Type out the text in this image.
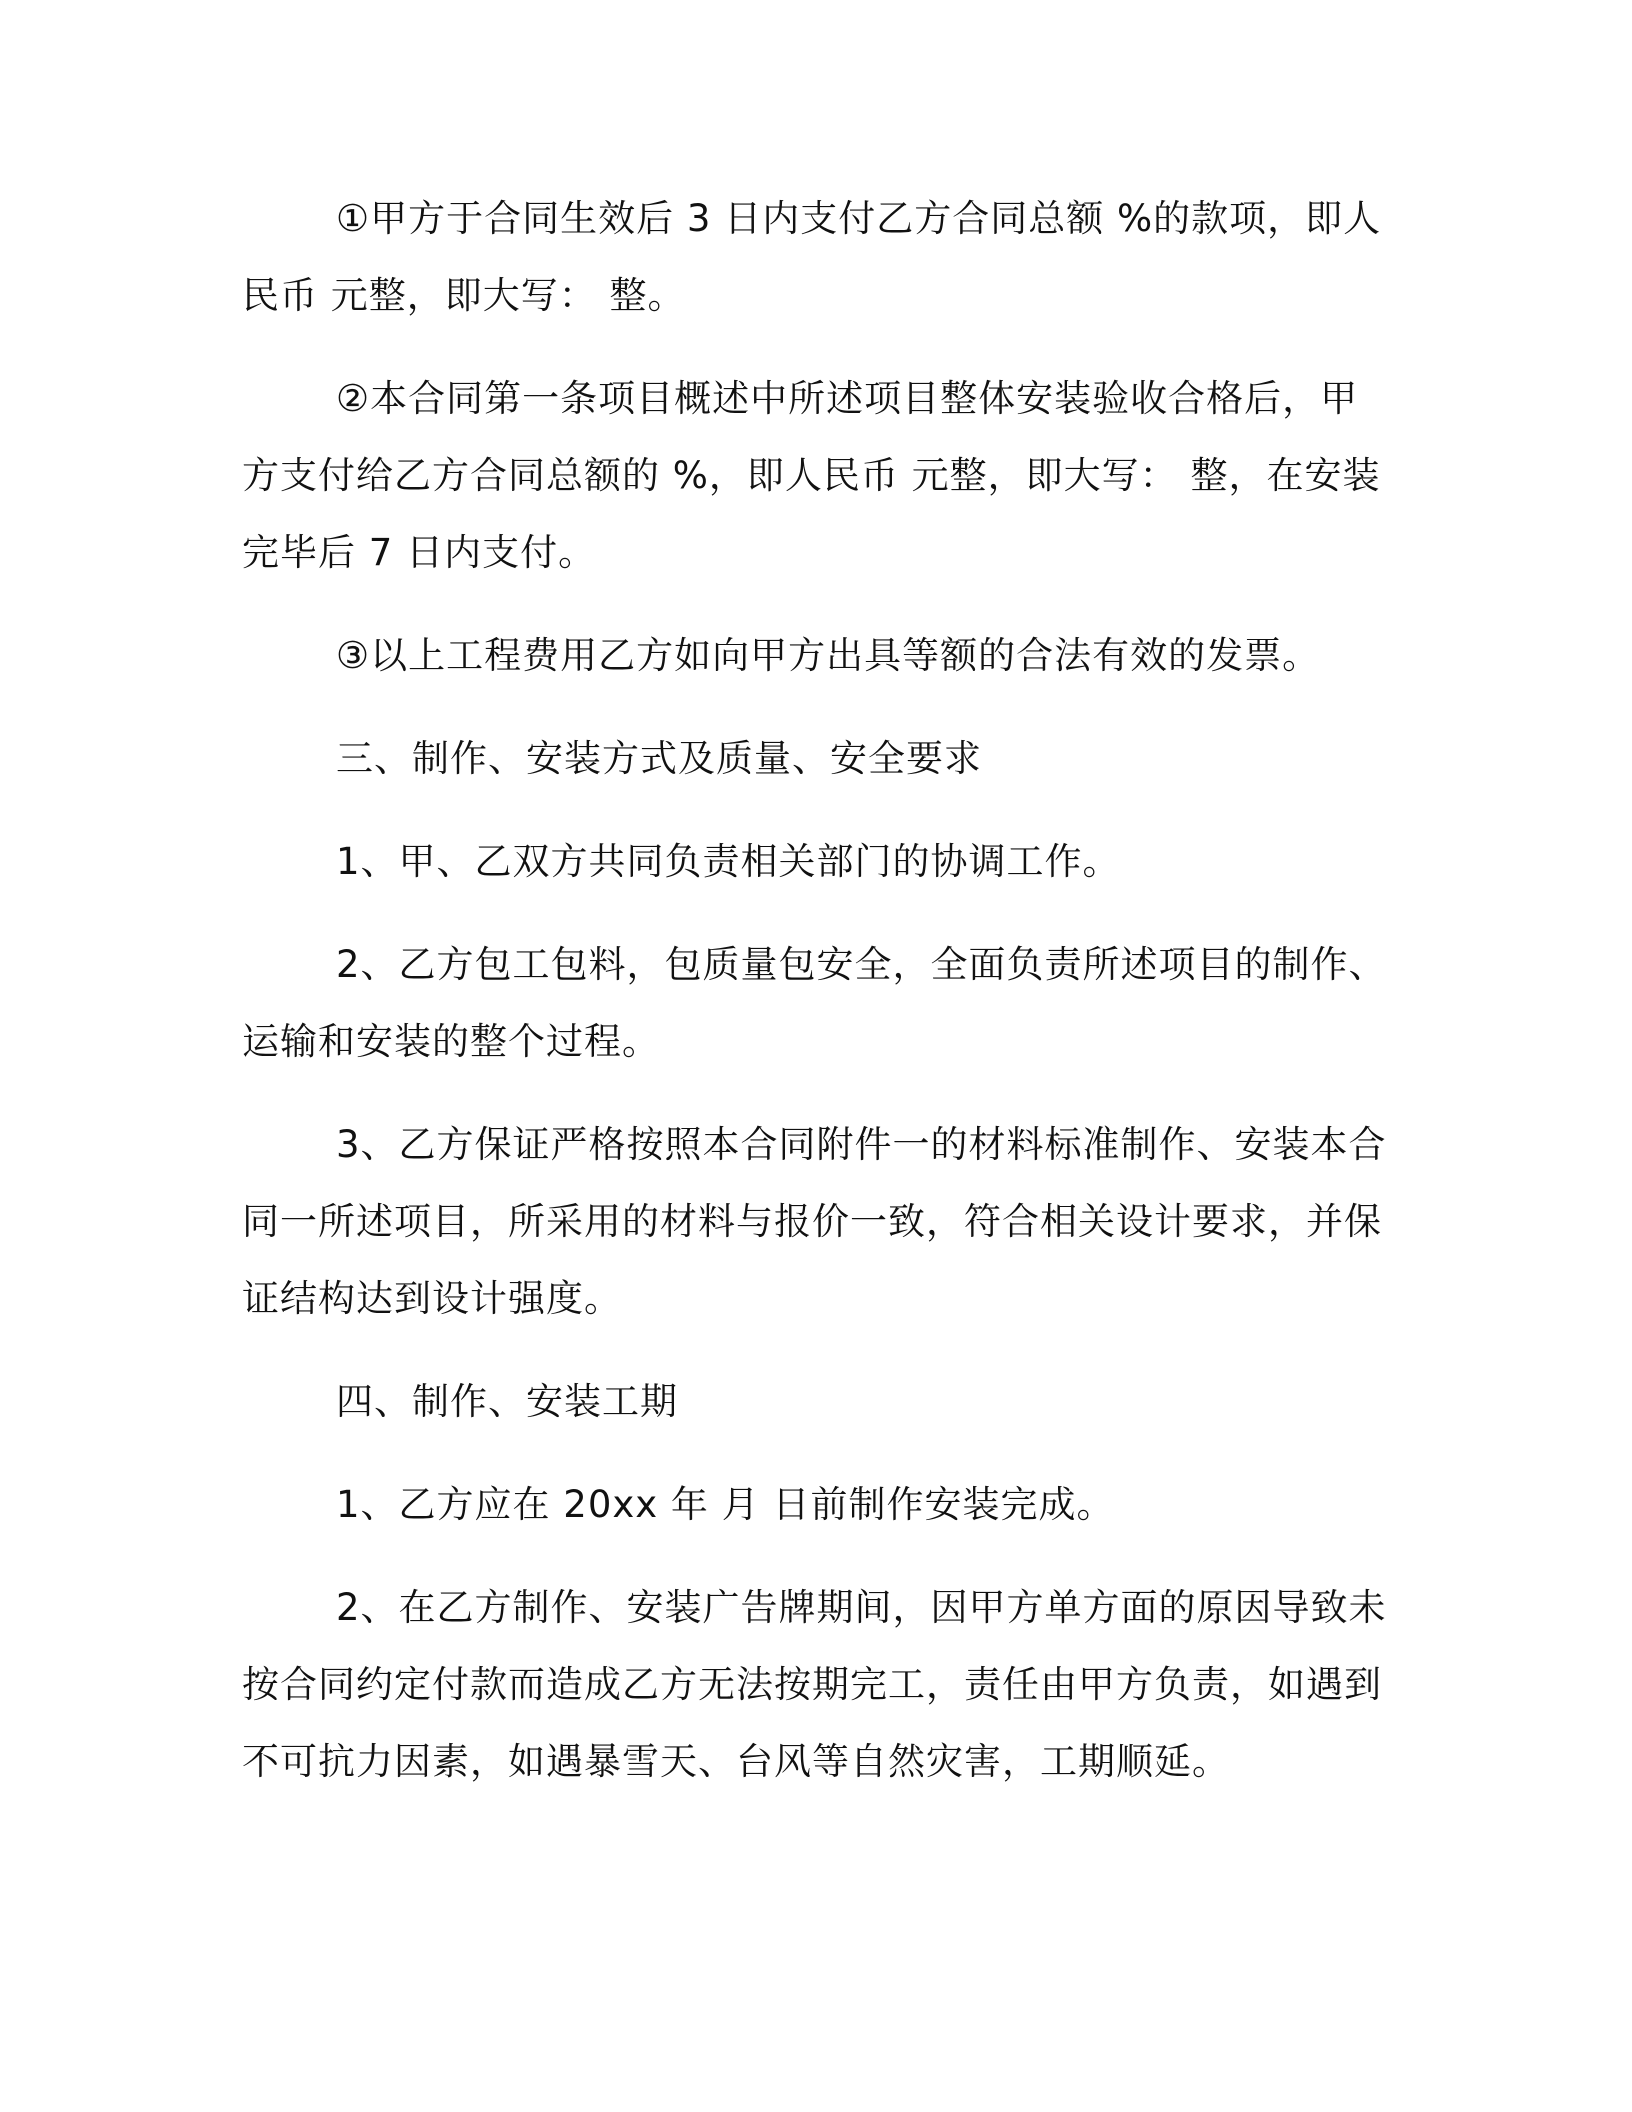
①甲方于合同生效后 3 日内支付乙方合同总额 %的款项，即人民币 元整，即大写： 整。

②本合同第一条项目概述中所述项目整体安装验收合格后，甲方支付给乙方合同总额的 %，即人民币 元整，即大写： 整，在安装完毕后 7 日内支付。

③以上工程费用乙方如向甲方出具等额的合法有效的发票。

三、制作、安装方式及质量、安全要求

1、甲、乙双方共同负责相关部门的协调工作。

2、乙方包工包料，包质量包安全，全面负责所述项目的制作、运输和安装的整个过程。

3、乙方保证严格按照本合同附件一的材料标准制作、安装本合同一所述项目，所采用的材料与报价一致，符合相关设计要求，并保证结构达到设计强度。

四、制作、安装工期

1、乙方应在 20xx 年 月 日前制作安装完成。

2、在乙方制作、安装广告牌期间，因甲方单方面的原因导致未按合同约定付款而造成乙方无法按期完工，责任由甲方负责，如遇到不可抗力因素，如遇暴雪天、台风等自然灾害，工期顺延。
